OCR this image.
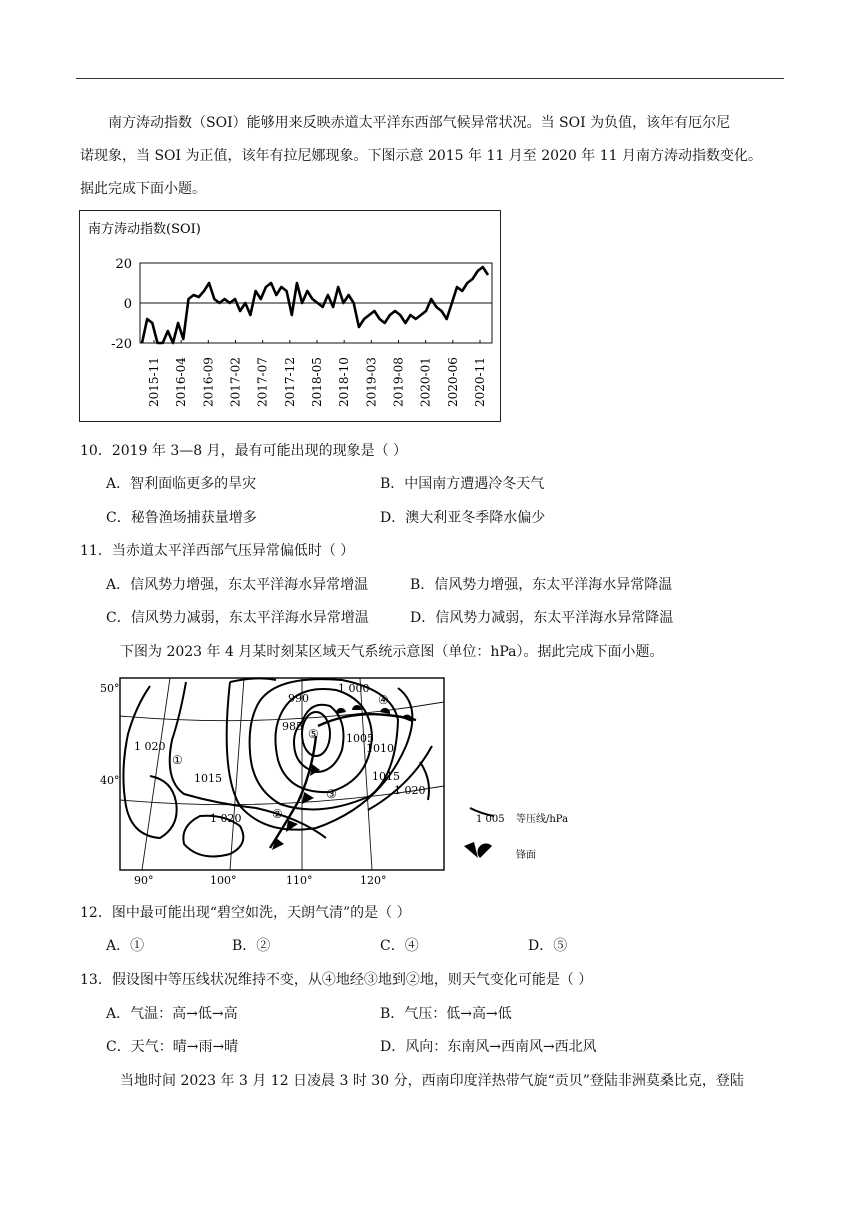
南方涛动指数（SOI）能够用来反映赤道太平洋东西部气候异常状况。当 SOI 为负值，该年有厄尔尼
诺现象，当 SOI 为正值，该年有拉尼娜现象。下图示意 2015 年 11 月至 2020 年 11 月南方涛动指数变化。
据此完成下面小题。
南方涛动指数(SOI)
20
0
-20
2015-11 2016-04 2016-09 2017-02 2017-07 2017-12 2018-05 2018-10 2019-03 2019-08 2020-01 2020-06 2020-11
10．2019 年 3—8 月，最有可能出现的现象是（ ）
A．智利面临更多的旱灾	B．中国南方遭遇冷冬天气
C．秘鲁渔场捕获量增多	D．澳大利亚冬季降水偏少
11．当赤道太平洋西部气压异常偏低时（ ）
A．信风势力增强，东太平洋海水异常增温	B．信风势力增强，东太平洋海水异常降温
C．信风势力减弱，东太平洋海水异常增温	D．信风势力减弱，东太平洋海水异常降温
下图为 2023 年 4 月某时刻某区域天气系统示意图（单位：hPa）。据此完成下面小题。
50°
40°
90°	100°	110°	120°
990
985
1 000
1005
1010
1015
1 020
1015
1 020
1 020
①
②
③
④
⑤
1 005 等压线/hPa
锋面
12．图中最可能出现“碧空如洗，天朗气清”的是（ ）
A．①	B．②	C．④	D．⑤
13．假设图中等压线状况维持不变，从④地经③地到②地，则天气变化可能是（ ）
A．气温：高→低→高	B．气压：低→高→低
C．天气：晴→雨→晴	D．风向：东南风→西南风→西北风
当地时间 2023 年 3 月 12 日凌晨 3 时 30 分，西南印度洋热带气旋“贡贝”登陆非洲莫桑比克，登陆
